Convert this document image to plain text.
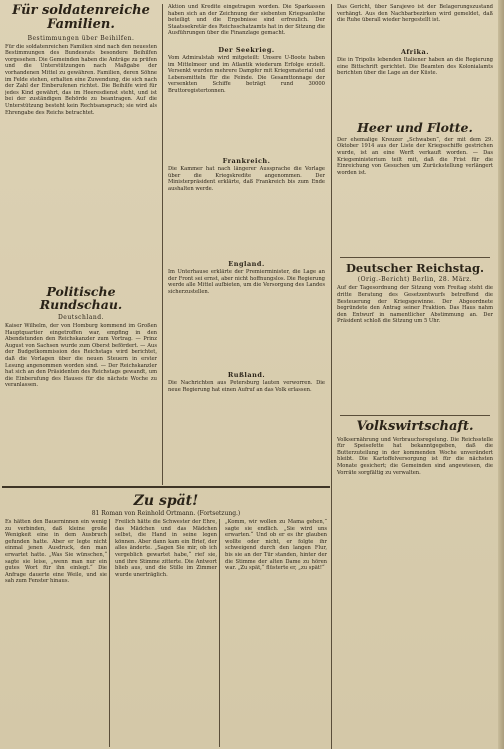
Für soldatenreiche Familien.
Bestimmungen über Beihilfen.
Für die soldatenreichen Familien sind nach den neuesten Bestimmungen des Bundesrats besondere Beihilfen vorgesehen. Die Gemeinden haben die Anträge zu prüfen und die Unterstützungen nach Maßgabe der vorhandenen Mittel zu gewähren. Familien, deren Söhne im Felde stehen, erhalten eine Zuwendung, die sich nach der Zahl der Einberufenen richtet. Die Beihilfe wird für jedes Kind gewährt, das im Heeresdienst steht, und ist bei der zuständigen Behörde zu beantragen. Auf die Unterstützung besteht kein Rechtsanspruch; sie wird als Ehrengabe des Reichs betrachtet.
Politische Rundschau.
Deutschland.
Kaiser Wilhelm, der von Homburg kommend im Großen Hauptquartier eingetroffen war, empfing in den Abendstunden den Reichskanzler zum Vortrag. — Prinz August von Sachsen wurde zum Oberst befördert. — Aus der Budgetkommission des Reichstags wird berichtet, daß die Vorlagen über die neuen Steuern in erster Lesung angenommen worden sind. — Der Reichskanzler hat sich an den Präsidenten des Reichstags gewandt, um die Einberufung des Hauses für die nächste Woche zu veranlassen.
Aktion und Kredite eingetragen worden. Die Sparkassen haben sich an der Zeichnung der siebenten Kriegsanleihe beteiligt und die Ergebnisse sind erfreulich. Der Staatssekretär des Reichsschatzamts hat in der Sitzung die Ausführungen über die Finanzlage gemacht.
Der Seekrieg.
Vom Admiralstab wird mitgeteilt: Unsere U-Boote haben im Mittelmeer und im Atlantik wiederum Erfolge erzielt. Versenkt wurden mehrere Dampfer mit Kriegsmaterial und Lebensmitteln für die Feinde. Die Gesamttonnage der versenkten Schiffe beträgt rund 30000 Bruttoregistertonnen.
Frankreich.
Die Kammer hat nach längerer Aussprache die Vorlage über die Kriegskredite angenommen. Der Ministerpräsident erklärte, daß Frankreich bis zum Ende aushalten werde.
England.
Im Unterhause erklärte der Premierminister, die Lage an der Front sei ernst, aber nicht hoffnungslos. Die Regierung werde alle Mittel aufbieten, um die Versorgung des Landes sicherzustellen.
Rußland.
Die Nachrichten aus Petersburg lauten verworren. Die neue Regierung hat einen Aufruf an das Volk erlassen.
Das Gericht, über Sarajewo ist der Belagerungszustand verhängt. Aus den Nachbarbezirken wird gemeldet, daß die Ruhe überall wieder hergestellt ist.
Afrika.
Die in Tripolis lebenden Italiener haben an die Regierung eine Bittschrift gerichtet. Die Beamten des Kolonialamts berichten über die Lage an der Küste.
Heer und Flotte.
Der ehemalige Kreuzer „Schwaben“, der mit dem 29. Oktober 1914 aus der Liste der Kriegsschiffe gestrichen wurde, ist an eine Werft verkauft worden. — Das Kriegsministerium teilt mit, daß die Frist für die Einreichung von Gesuchen um Zurückstellung verlängert worden ist.
Deutscher Reichstag.
(Orig.-Bericht) Berlin, 28. März.
Auf der Tagesordnung der Sitzung vom Freitag steht die dritte Beratung des Gesetzentwurfs betreffend die Besteuerung der Kriegsgewinne. Der Abgeordnete begründete den Antrag seiner Fraktion. Das Haus nahm den Entwurf in namentlicher Abstimmung an. Der Präsident schloß die Sitzung um 5 Uhr.
Volkswirtschaft.
Volksernährung und Verbrauchsregelung. Die Reichsstelle für Speisefette hat bekanntgegeben, daß die Butterzuteilung in der kommenden Woche unverändert bleibt. Die Kartoffelversorgung ist für die nächsten Monate gesichert; die Gemeinden sind angewiesen, die Vorräte sorgfältig zu verwalten.
Zu spät!
81 Roman von Reinhold Ortmann. (Fortsetzung.)
Es hätten den Bauerninnen ein wenig zu verbinden, daß kleine große Wenigkeit eine in dem Ausbruch gefunden hatte. Aber er legte nicht einmal jenen Ausdruck, den man erwartet hatte. „Was Sie wünschen,“ sagte sie leise, „wenn man nur ein gutes Wort für ihn einlegt.“ Die Anfrage dauerte eine Weile, und sie sah zum Fenster hinaus.
Freilich hätte die Schwester der Ehre, das Mädchen und das Mädchen selbst, die Hand in seine legen können. Aber dann kam ein Brief, der alles änderte. „Sagen Sie mir, ob ich vergeblich gewartet habe,“ rief sie, und ihre Stimme zitterte. Die Antwort blieb aus, und die Stille im Zimmer wurde unerträglich.
„Komm, wir wollen zu Mama gehen,“ sagte sie endlich. „Sie wird uns erwarten.“ Und ob er es ihr glauben wollte oder nicht, er folgte ihr schweigend durch den langen Flur, bis sie an der Tür standen, hinter der die Stimme der alten Dame zu hören war. „Zu spät,“ flüsterte er, „zu spät!“
